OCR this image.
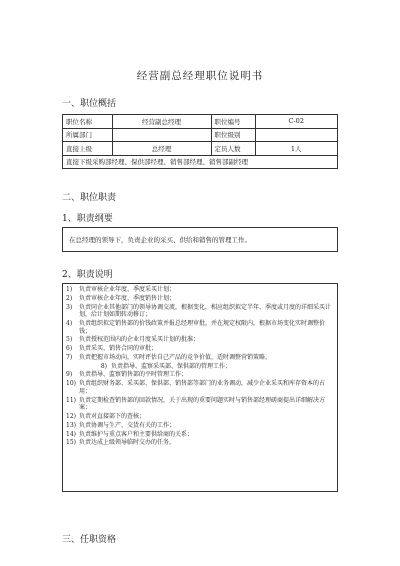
经营副总经理职位说明书
一、职位概括
职位名称	经营副总经理	职位编号	C-02
所属部门		职位级别	
直接上级	总经理	定员人数	1人
直接下级采购部经理、保供部经理、销售部经理、销售部副经理			
二、职位职责
1、职责纲要
在总经理的领导下，负责企业的采买、供给和销售的管理工作。
2、职责说明
1)	负责审核企业年度、季度采买计划；
2)	负责审核企业年度、季度销售计划；
3)	负责同企业其他部门的领导协调交流，根据变化，相应组织拟定半年、季度或月度的详细采买计划，洽计划如期转动修订；
4)	负责组织拟定销售部的价钱政策并报总经理审批，并在规定权限内，根据市场变化实时调整价钱；
5)	负责授权范围内的企业月度采买计划的批准；
6)	负责采买、销售合同的审批；
7)	负责把握市场动向，实时评估自己产品的竞争价值，适时调整营销策略。
8) 负责指导、监察采买部、保供部的管理工作；
9)	负责指导、监察销售部的平时管理工作；
10) 负责组织财务部、采买部、保供部、销售部等部门的业务调动，减少企业采买和库存资本的占用；
11) 负责定期检查销售部的回款情况，关于出现的重要问题实时与销售部经理磋商提出详细解决方案；
12) 负责对直接部下的查核；
13) 负责协调与生产、交货有关的工作；
14) 负责维护与重点客户和主要供给商的关系；
15) 负责达成上级领导临时交办的任务。
三、任职资格
